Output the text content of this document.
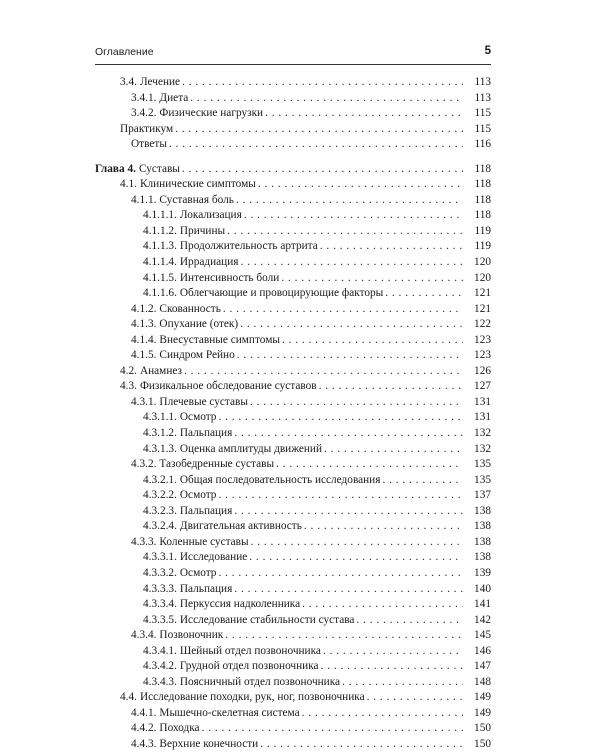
Оглавление	5
3.4. Лечение . . .	113
3.4.1. Диета . . .	113
3.4.2. Физические нагрузки . . .	115
Практикум . . .	115
Ответы . . .	116
Глава 4. Суставы . . .	118
4.1. Клинические симптомы . . .	118
4.1.1. Суставная боль . . .	118
4.1.1.1. Локализация . . .	118
4.1.1.2. Причины . . .	119
4.1.1.3. Продолжительность артрита . . .	119
4.1.1.4. Иррадиация . . .	120
4.1.1.5. Интенсивность боли . . .	120
4.1.1.6. Облегчающие и провоцирующие факторы . . .	121
4.1.2. Скованность . . .	121
4.1.3. Опухание (отек) . . .	122
4.1.4. Внесуставные симптомы . . .	123
4.1.5. Синдром Рейно . . .	123
4.2. Анамнез . . .	126
4.3. Физикальное обследование суставов . . .	127
4.3.1. Плечевые суставы . . .	131
4.3.1.1. Осмотр . . .	131
4.3.1.2. Пальпация . . .	132
4.3.1.3. Оценка амплитуды движений . . .	132
4.3.2. Тазобедренные суставы . . .	135
4.3.2.1. Общая последовательность исследования . . .	135
4.3.2.2. Осмотр . . .	137
4.3.2.3. Пальпация . . .	138
4.3.2.4. Двигательная активность . . .	138
4.3.3. Коленные суставы . . .	138
4.3.3.1. Исследование . . .	138
4.3.3.2. Осмотр . . .	139
4.3.3.3. Пальпация . . .	140
4.3.3.4. Перкуссия надколенника . . .	141
4.3.3.5. Исследование стабильности сустава . . .	142
4.3.4. Позвоночник . . .	145
4.3.4.1. Шейный отдел позвоночника . . .	146
4.3.4.2. Грудной отдел позвоночника . . .	147
4.3.4.3. Поясничный отдел позвоночника . . .	148
4.4. Исследование походки, рук, ног, позвоночника . . .	149
4.4.1. Мышечно-скелетная система . . .	149
4.4.2. Походка . . .	150
4.4.3. Верхние конечности . . .	150
